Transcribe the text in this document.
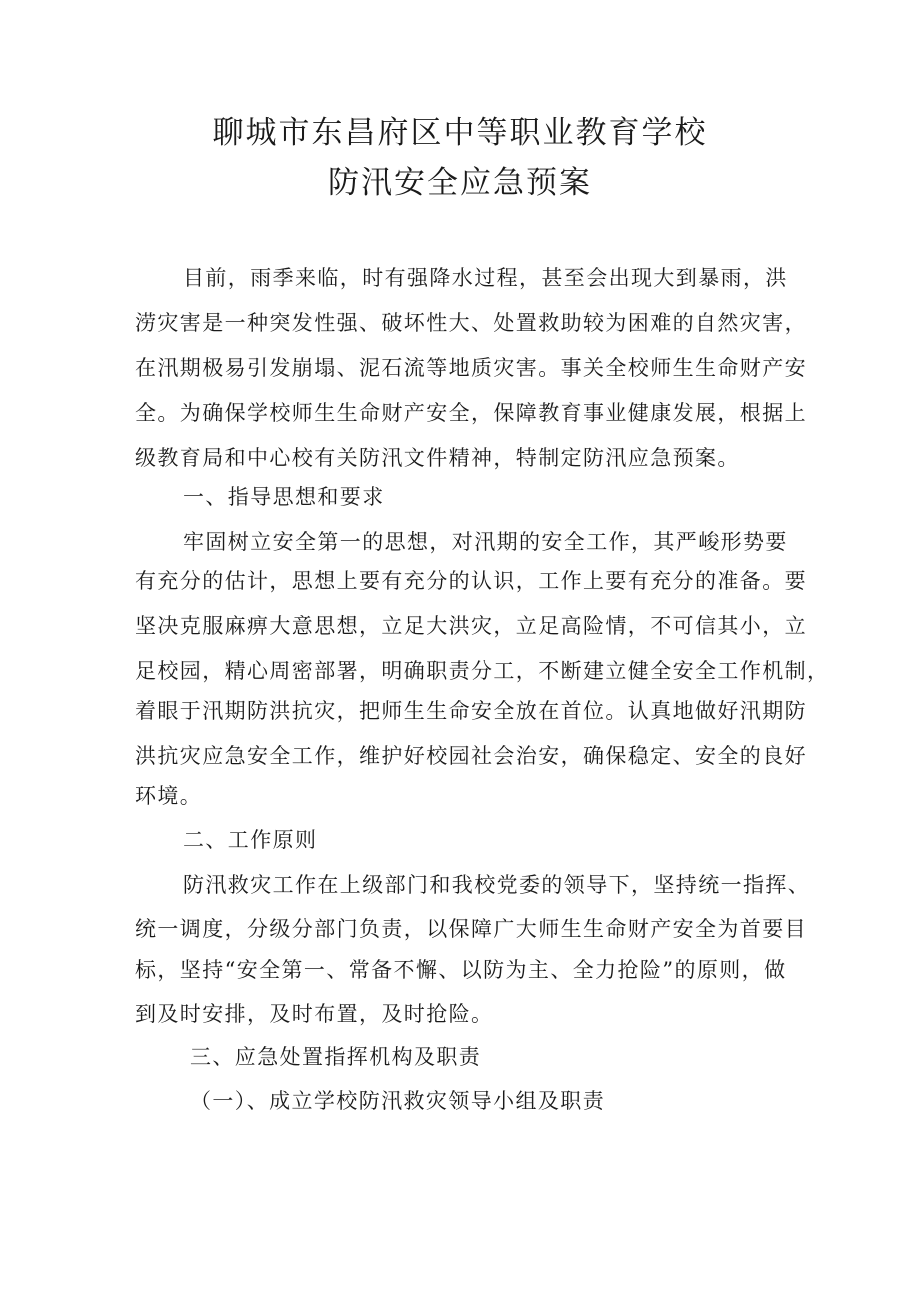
聊城市东昌府区中等职业教育学校
防汛安全应急预案

目前，雨季来临，时有强降水过程，甚至会出现大到暴雨，洪

涝灾害是一种突发性强、破坏性大、处置救助较为困难的自然灾害，

在汛期极易引发崩塌、泥石流等地质灾害。事关全校师生生命财产安

全。为确保学校师生生命财产安全，保障教育事业健康发展，根据上

级教育局和中心校有关防汛文件精神，特制定防汛应急预案。

一、指导思想和要求

牢固树立安全第一的思想，对汛期的安全工作，其严峻形势要

有充分的估计，思想上要有充分的认识，工作上要有充分的准备。要

坚决克服麻痹大意思想，立足大洪灾，立足高险情，不可信其小，立

足校园，精心周密部署，明确职责分工，不断建立健全安全工作机制，

着眼于汛期防洪抗灾，把师生生命安全放在首位。认真地做好汛期防

洪抗灾应急安全工作，维护好校园社会治安，确保稳定、安全的良好

环境。

二、工作原则

防汛救灾工作在上级部门和我校党委的领导下，坚持统一指挥、

统一调度，分级分部门负责，以保障广大师生生命财产安全为首要目

标，坚持“安全第一、常备不懈、以防为主、全力抢险”的原则，做

到及时安排，及时布置，及时抢险。

三、应急处置指挥机构及职责

（一）、成立学校防汛救灾领导小组及职责
